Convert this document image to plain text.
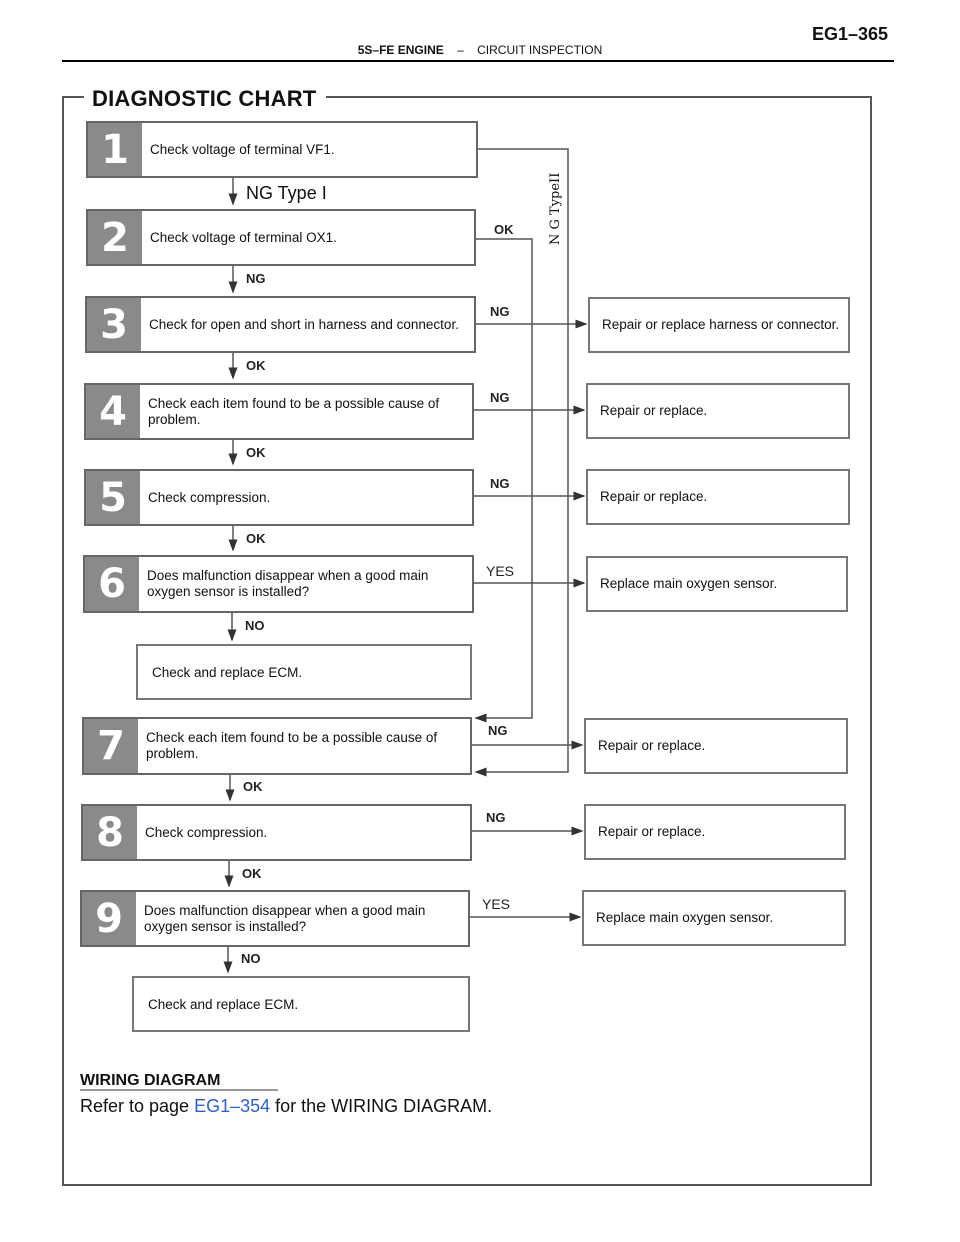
5S–FE ENGINE – CIRCUIT INSPECTION
EG1–365
DIAGNOSTIC CHART
1	Check voltage of terminal VF1.
2	Check voltage of terminal OX1.
3	Check for open and short in harness and connector.
4	Check each item found to be a possible cause of problem.
5	Check compression.
6	Does malfunction disappear when a good main oxygen sensor is installed?
Check and replace ECM.
7	Check each item found to be a possible cause of problem.
8	Check compression.
9	Does malfunction disappear when a good main oxygen sensor is installed?
Check and replace ECM.
Repair or replace harness or connector.
Repair or replace.
Repair or replace.
Replace main oxygen sensor.
Repair or replace.
Repair or replace.
Replace main oxygen sensor.
NG Type I	N G TypeII
OK
NG
NG
OK
NG
OK
NG
OK
YES
NO
NG
OK
NG
OK
YES
NO
WIRING DIAGRAM
Refer to page EG1–354 for the WIRING DIAGRAM.
